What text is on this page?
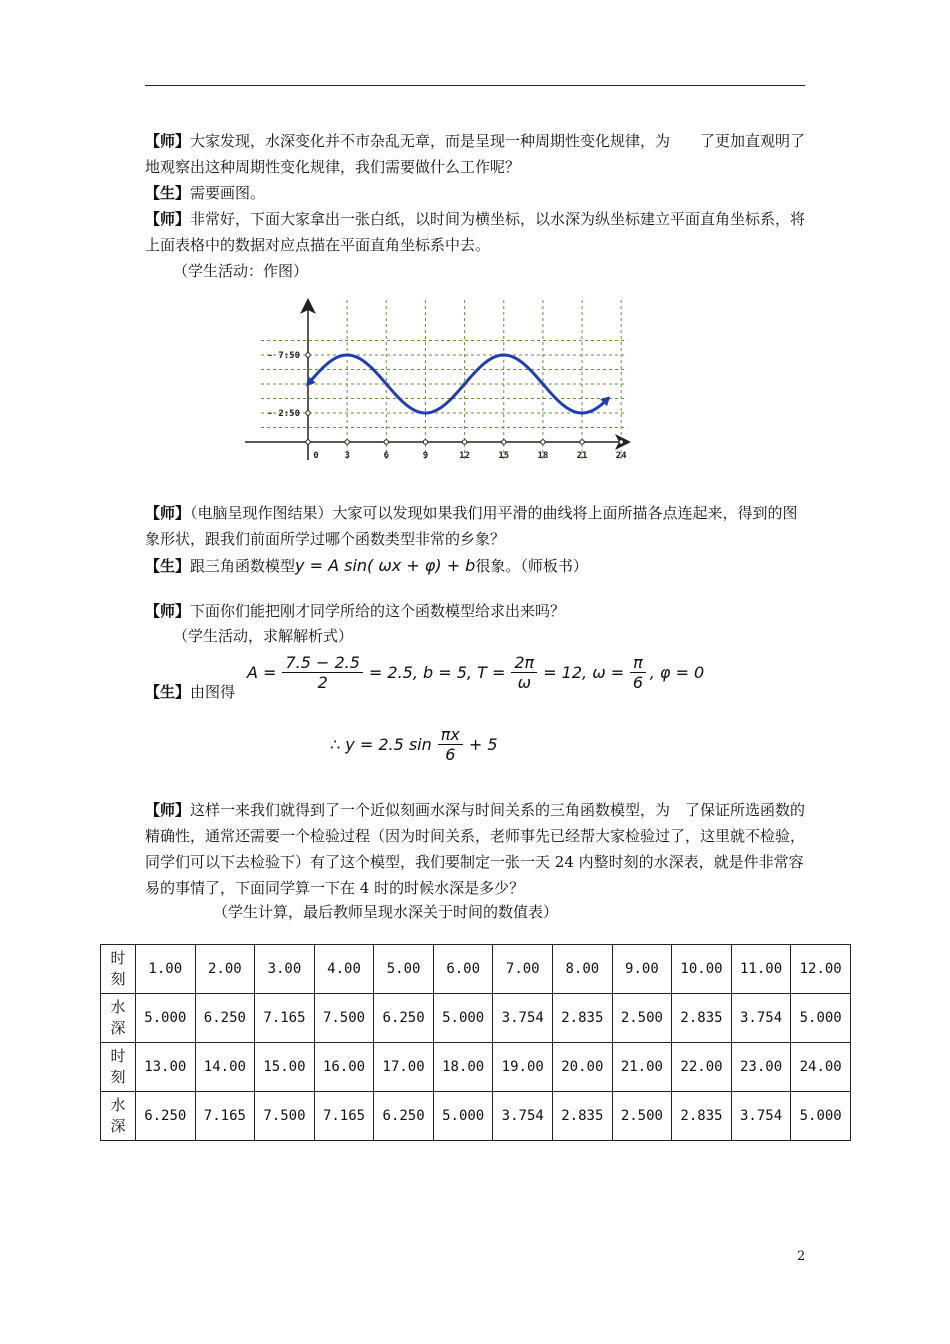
【师】大家发现，水深变化并不市杂乱无章，而是呈现一种周期性变化规律，为　　了更加直观明了地观察出这种周期性变化规律，我们需要做什么工作呢？
【生】需要画图。
【师】非常好，下面大家拿出一张白纸，以时间为横坐标，以水深为纵坐标建立平面直角坐标系，将上面表格中的数据对应点描在平面直角坐标系中去。
（学生活动：作图）
0	3	6	9	12	15	18	21	24
- 2:50
- 7:50
【师】（电脑呈现作图结果）大家可以发现如果我们用平滑的曲线将上面所描各点连起来，得到的图象形状，跟我们前面所学过哪个函数类型非常的乡象？
【生】跟三角函数模型y = A sin( ωx + φ) + b很象。（师板书）
【师】下面你们能把刚才同学所给的这个函数模型给求出来吗？
（学生活动，求解解析式）
【生】由图得
$A = \frac{7.5 - 2.5}{2} = 2.5$, b = 5, $T = \frac{2\pi}{\omega} = 12$, $\omega = \frac{\pi}{6}$ , φ = 0
∴ y = 2.5 sin
πx
6
+ 5
【师】这样一来我们就得到了一个近似刻画水深与时间关系的三角函数模型，为　了保证所选函数的精确性，通常还需要一个检验过程（因为时间关系，老师事先已经帮大家检验过了，这里就不检验，同学们可以下去检验下）有了这个模型，我们要制定一张一天 24 内整时刻的水深表，就是件非常容易的事情了，下面同学算一下在 4 时的时候水深是多少？
（学生计算，最后教师呈现水深关于时间的数值表）
时
刻	1.00	2.00	3.00	4.00	5.00	6.00	7.00	8.00	9.00	10.00	11.00	12.00

水
深	5.000	6.250	7.165	7.500	6.250	5.000	3.754	2.835	2.500	2.835	3.754	5.000

时
刻	13.00	14.00	15.00	16.00	17.00	18.00	19.00	20.00	21.00	22.00	23.00	24.00

水
深	6.250	7.165	7.500	7.165	6.250	5.000	3.754	2.835	2.500	2.835	3.754	5.000
2
